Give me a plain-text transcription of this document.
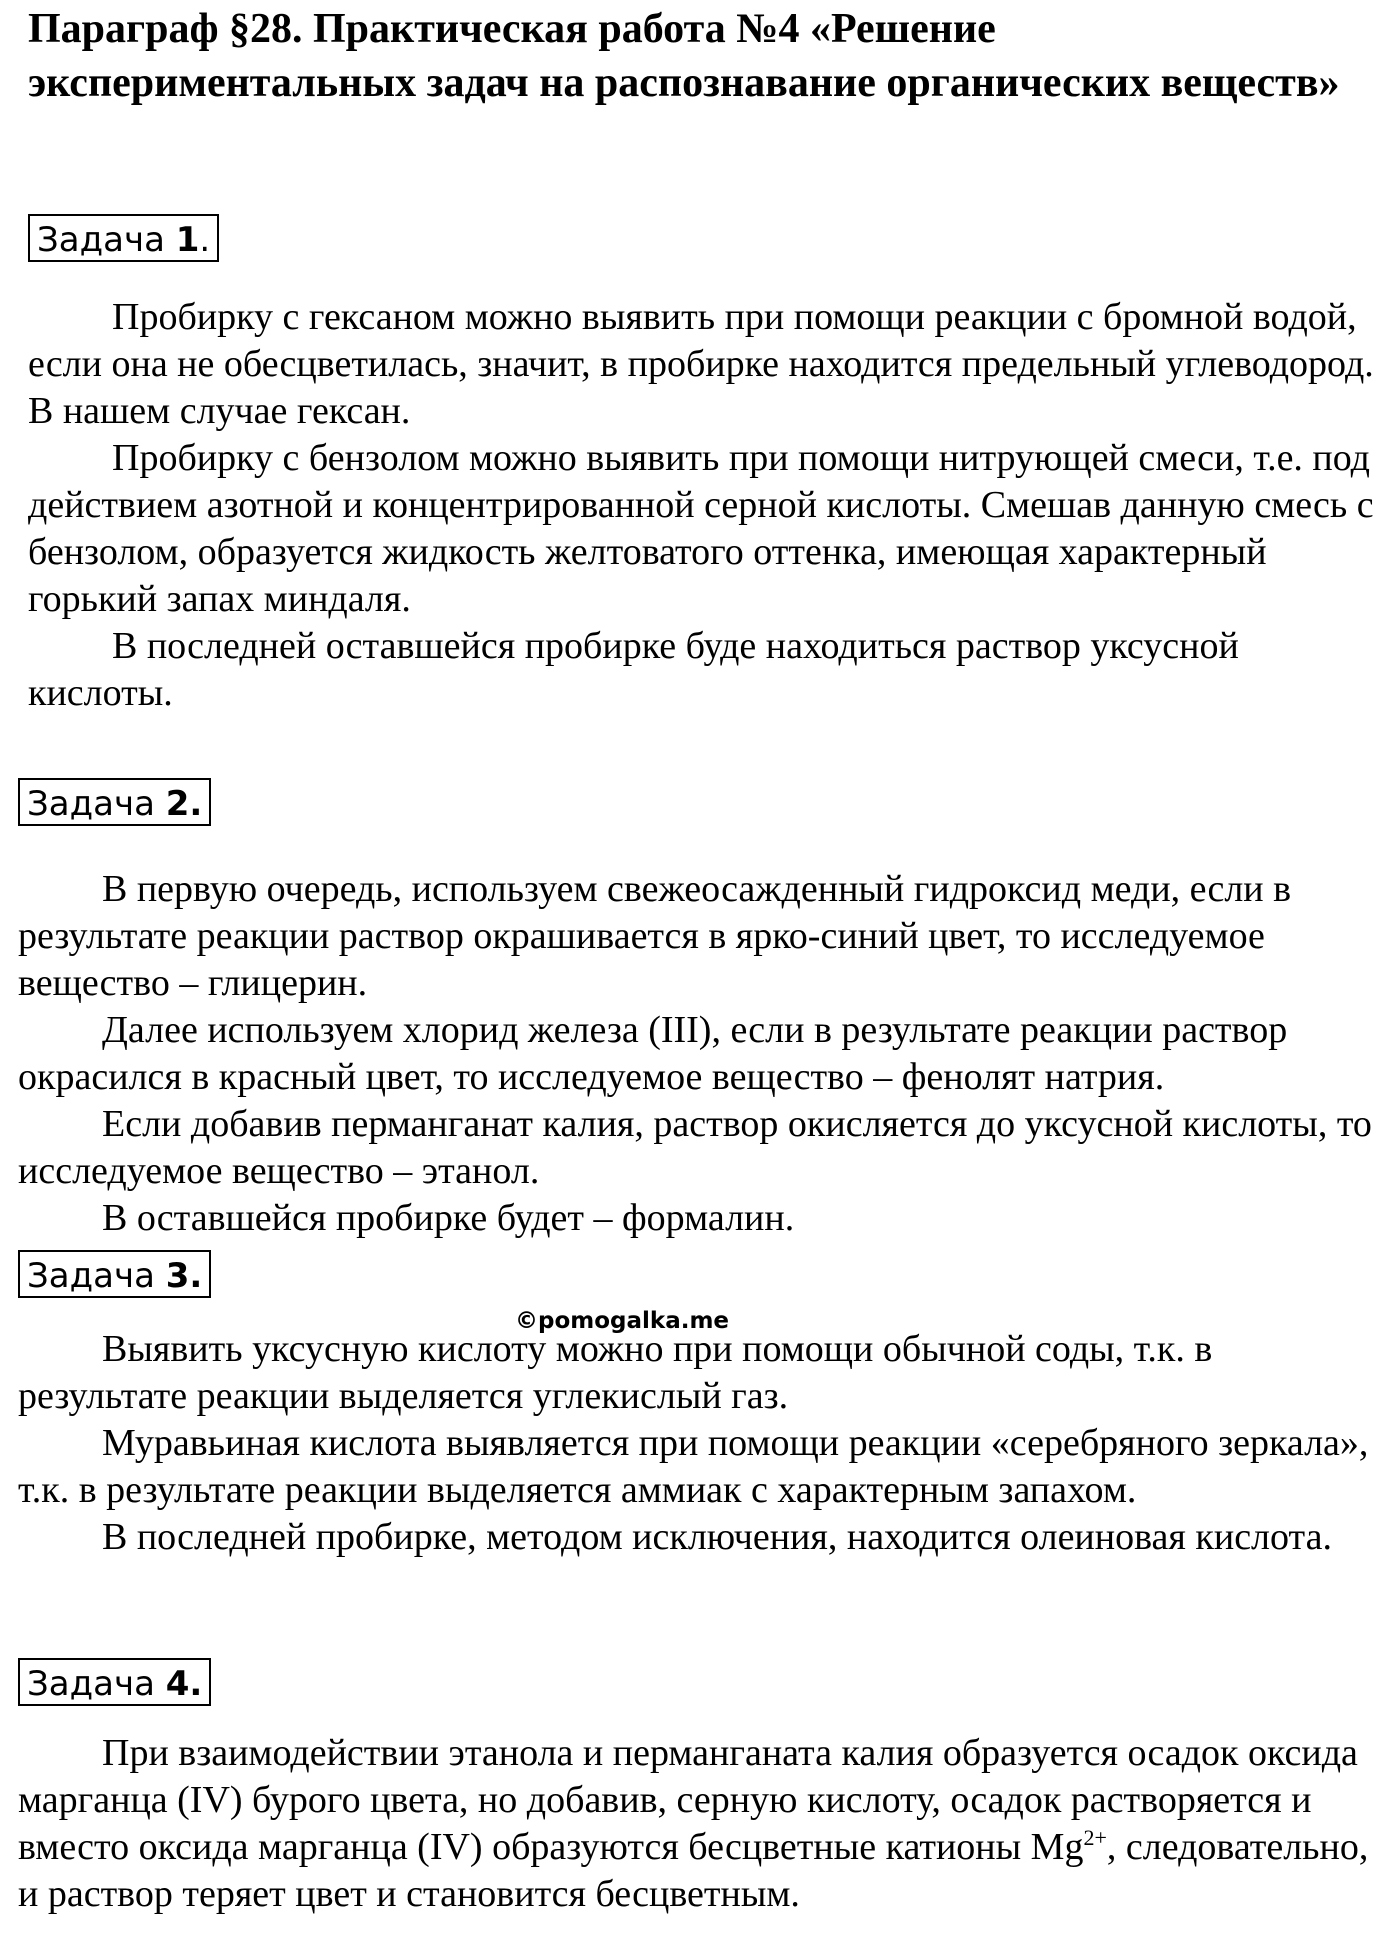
Параграф §28. Практическая работа №4 «Решение экспериментальных задач на распознавание органических веществ»
Задача 1.

Пробирку с гексаном можно выявить при помощи реакции с бромной водой, если она не обесцветилась, значит, в пробирке находится предельный углеводород. В нашем случае гексан.

Пробирку с бензолом можно выявить при помощи нитрующей смеси, т.е. под действием азотной и концентрированной серной кислоты. Смешав данную смесь с бензолом, образуется жидкость желтоватого оттенка, имеющая характерный горький запах миндаля.

В последней оставшейся пробирке буде находиться раствор уксусной кислоты.

Задача 2.

В первую очередь, используем свежеосажденный гидроксид меди, если в результате реакции раствор окрашивается в ярко-синий цвет, то исследуемое вещество – глицерин.

Далее используем хлорид железа (III), если в результате реакции раствор окрасился в красный цвет, то исследуемое вещество – фенолят натрия.

Если добавив перманганат калия, раствор окисляется до уксусной кислоты, то исследуемое вещество – этанол.

В оставшейся пробирке будет – формалин.

Задача 3.
©pomogalka.me

Выявить уксусную кислоту можно при помощи обычной соды, т.к. в результате реакции выделяется углекислый газ.

Муравьиная кислота выявляется при помощи реакции «серебряного зеркала», т.к. в результате реакции выделяется аммиак с характерным запахом.

В последней пробирке, методом исключения, находится олеиновая кислота.

Задача 4.

При взаимодействии этанола и перманганата калия образуется осадок оксида марганца (IV) бурого цвета, но добавив, серную кислоту, осадок растворяется и вместо оксида марганца (IV) образуются бесцветные катионы $Mg^{2+}$, следовательно, и раствор теряет цвет и становится бесцветным.
